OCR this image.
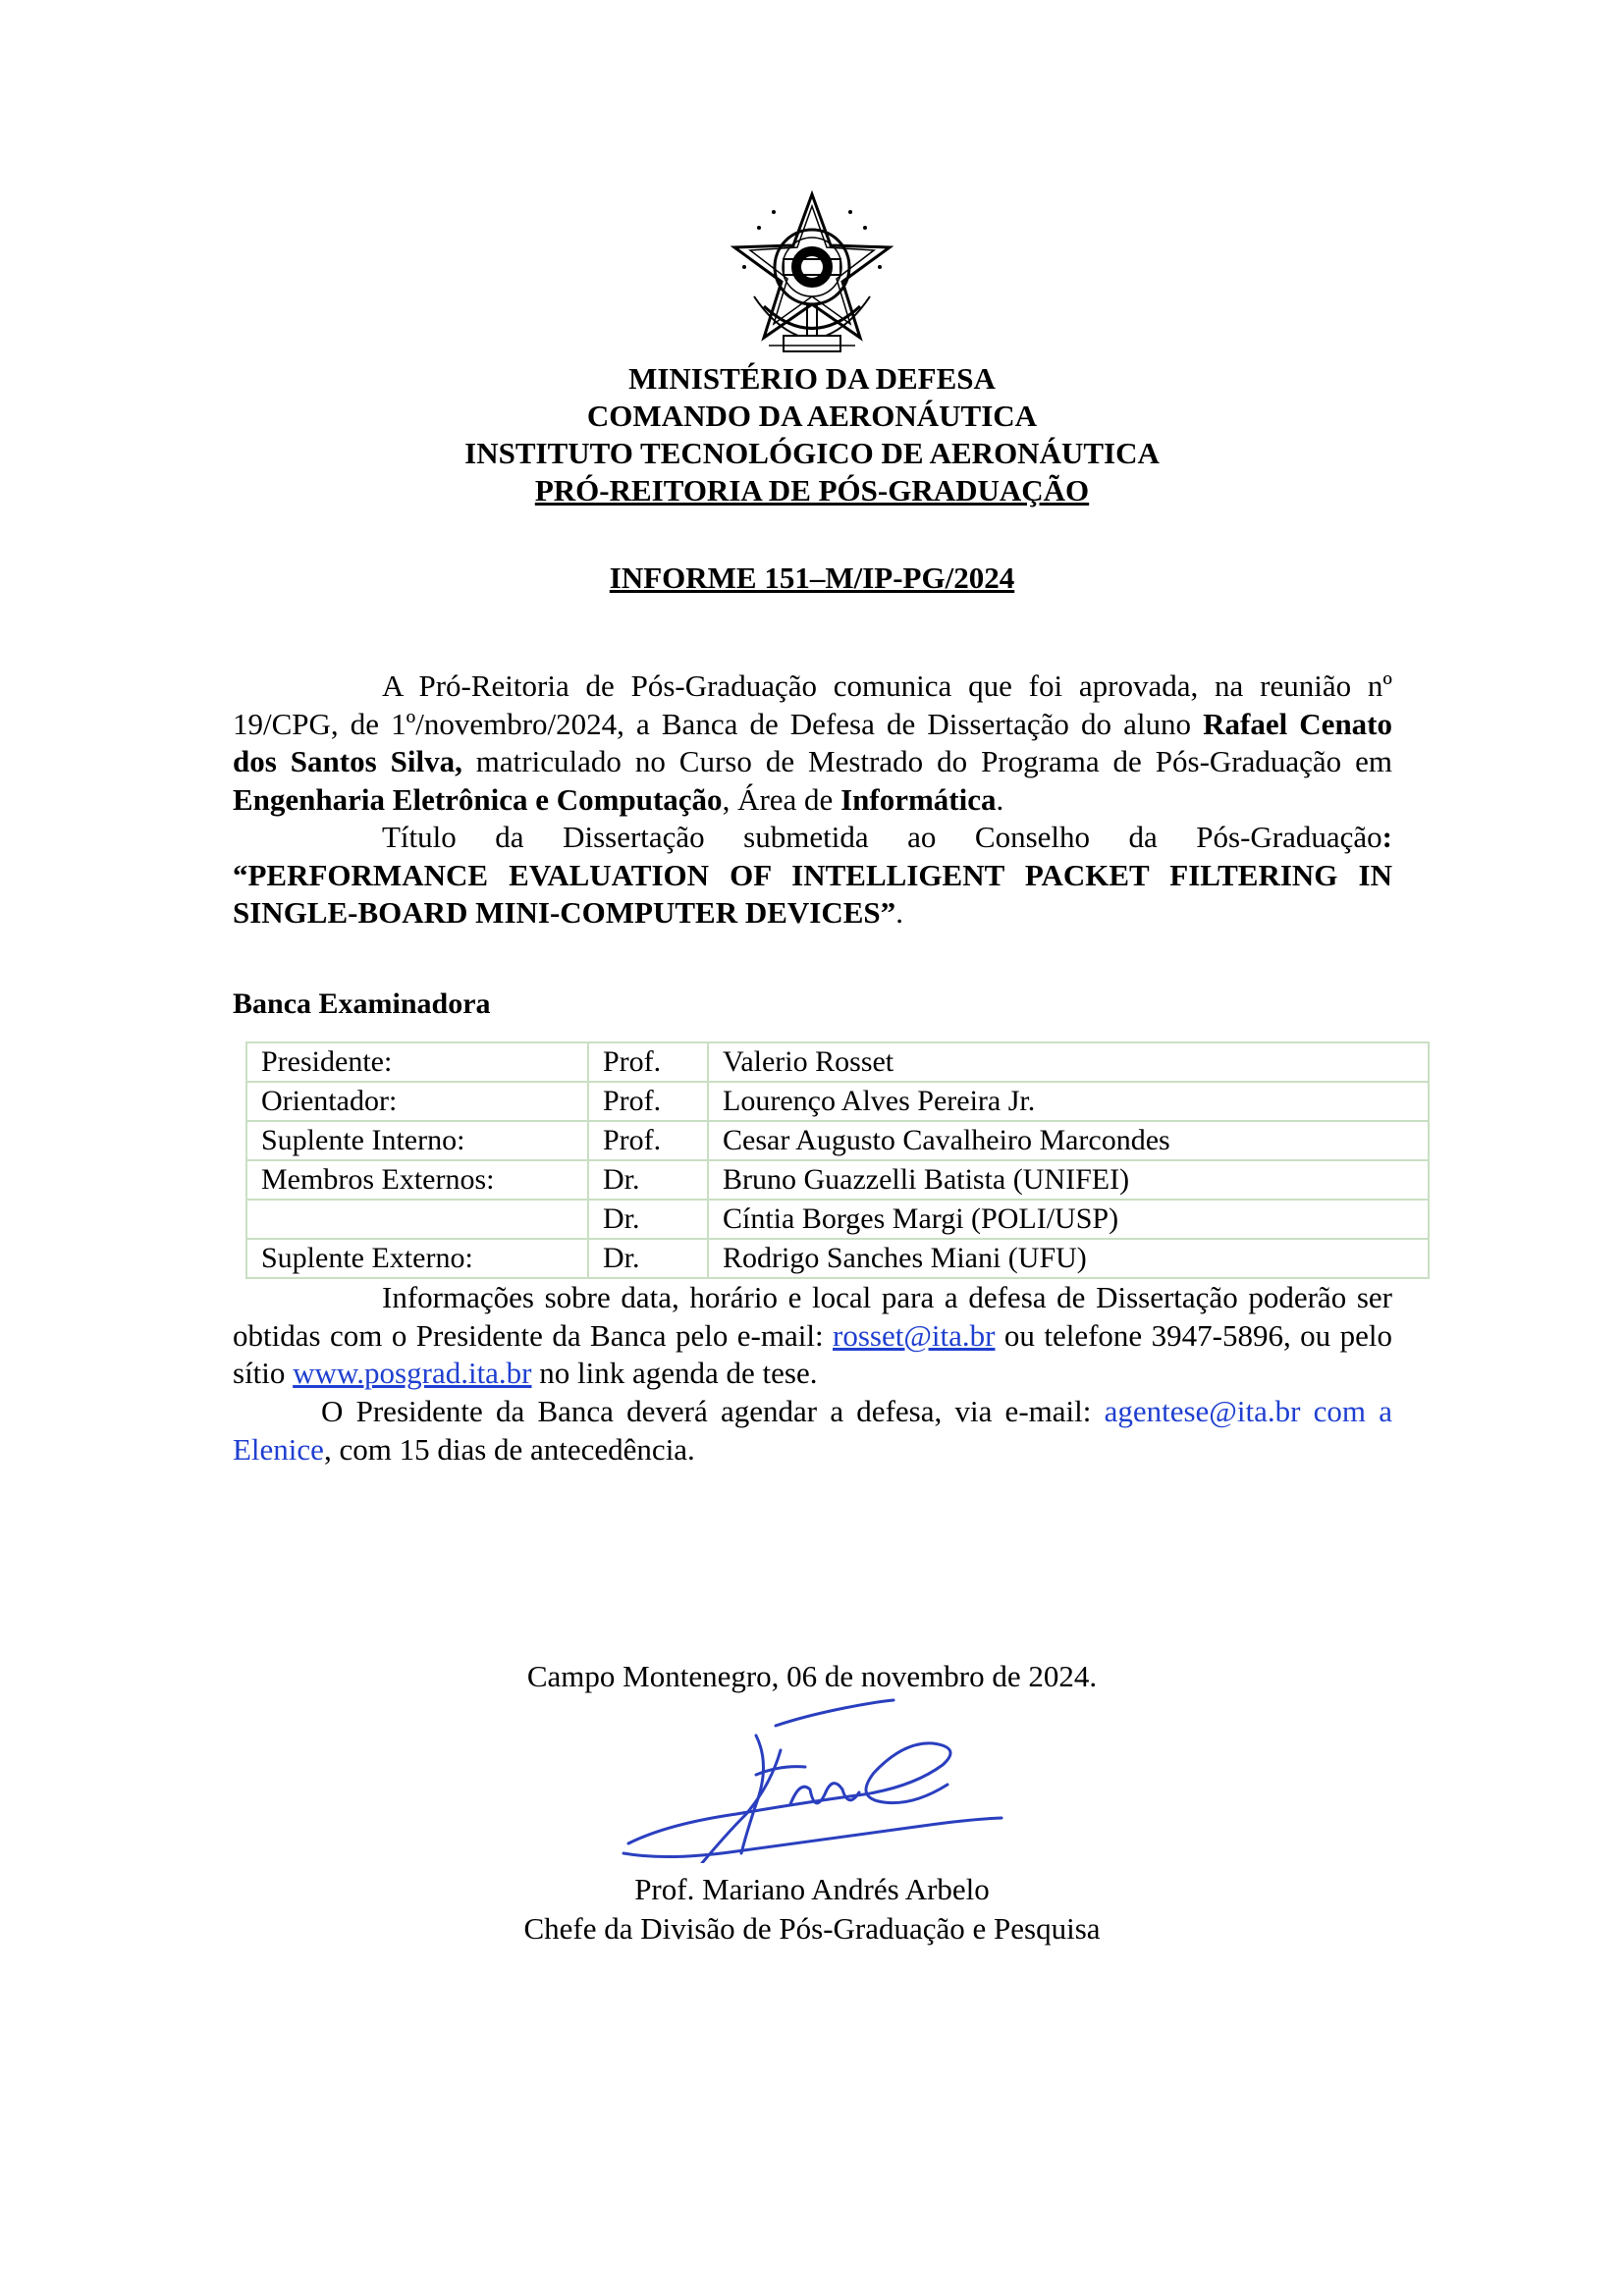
MINISTÉRIO DA DEFESA
COMANDO DA AERONÁUTICA
INSTITUTO TECNOLÓGICO DE AERONÁUTICA
PRÓ-REITORIA DE PÓS-GRADUAÇÃO
INFORME 151–M/IP-PG/2024
A Pró-Reitoria de Pós-Graduação comunica que foi aprovada, na reunião nº 19/CPG, de 1º/novembro/2024, a Banca de Defesa de Dissertação do aluno Rafael Cenato dos Santos Silva, matriculado no Curso de Mestrado do Programa de Pós-Graduação em Engenharia Eletrônica e Computação, Área de Informática.
Título da Dissertação submetida ao Conselho da Pós-Graduação: “PERFORMANCE EVALUATION OF INTELLIGENT PACKET FILTERING IN SINGLE-BOARD MINI-COMPUTER DEVICES”.
Banca Examinadora
Presidente:	Prof.	Valerio Rosset
Orientador:	Prof.	Lourenço Alves Pereira Jr.
Suplente Interno:	Prof.	Cesar Augusto Cavalheiro Marcondes
Membros Externos:	Dr.	Bruno Guazzelli Batista (UNIFEI)
	Dr.	Cíntia Borges Margi (POLI/USP)
Suplente Externo:	Dr.	Rodrigo Sanches Miani (UFU)
Informações sobre data, horário e local para a defesa de Dissertação poderão ser obtidas com o Presidente da Banca pelo e-mail: rosset@ita.br ou telefone 3947-5896, ou pelo sítio www.posgrad.ita.br no link agenda de tese.
O Presidente da Banca deverá agendar a defesa, via e-mail: agentese@ita.br com a Elenice, com 15 dias de antecedência.
Campo Montenegro, 06 de novembro de 2024.
Prof. Mariano Andrés Arbelo
Chefe da Divisão de Pós-Graduação e Pesquisa
